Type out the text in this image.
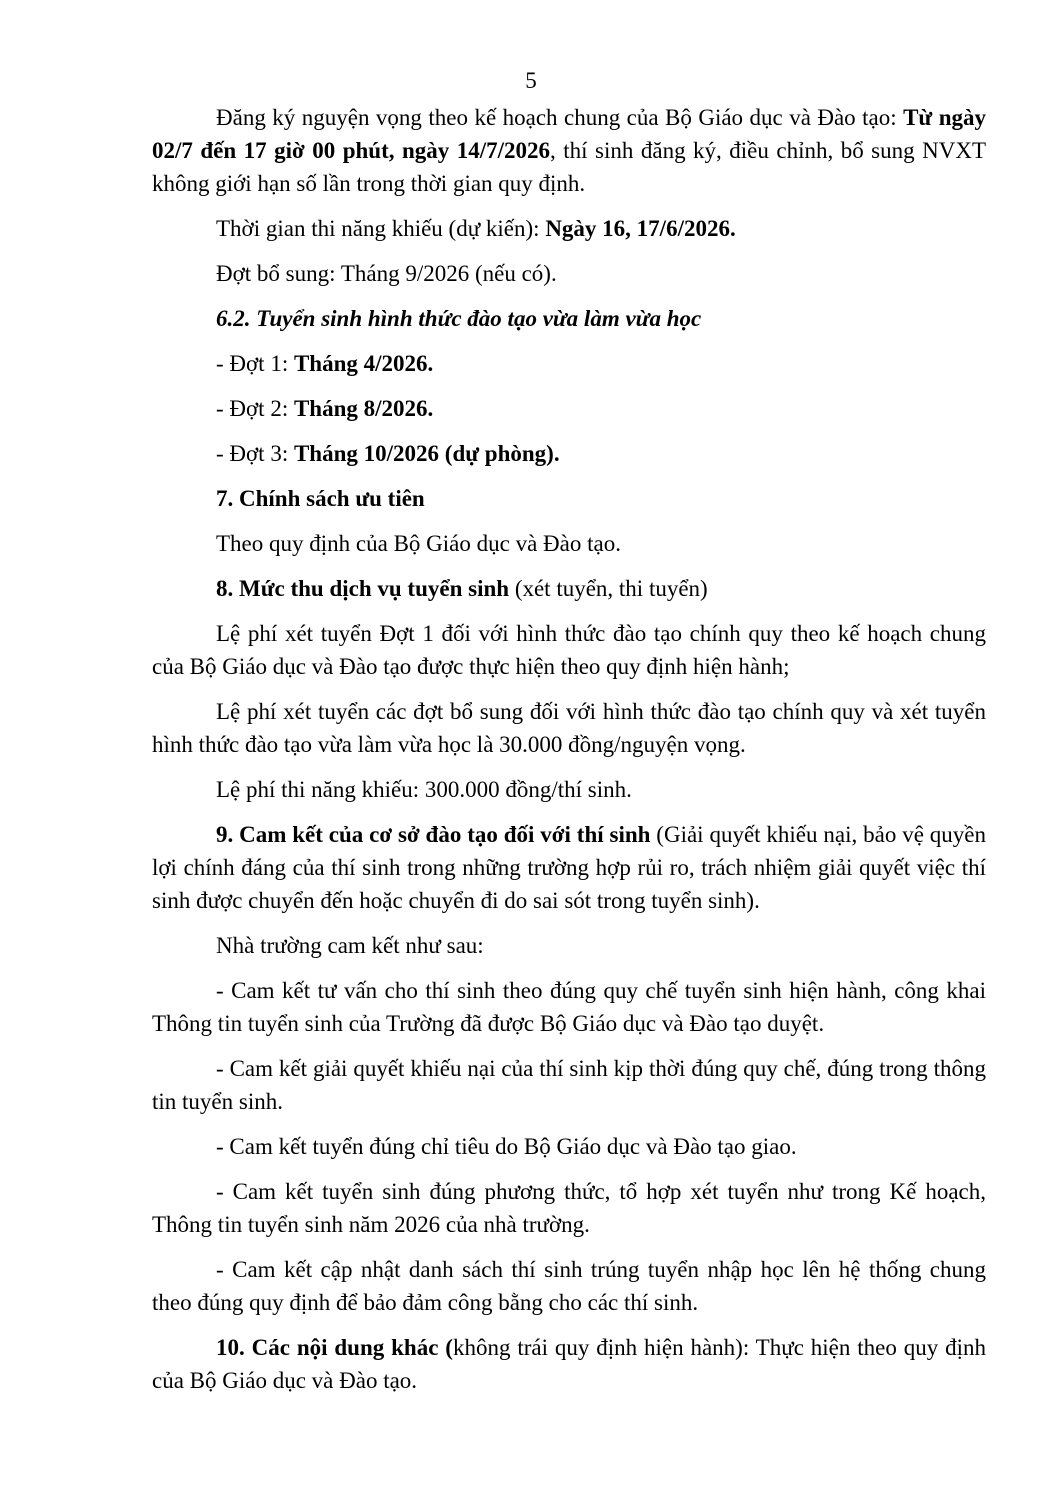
5

Đăng ký nguyện vọng theo kế hoạch chung của Bộ Giáo dục và Đào tạo: Từ ngày 02/7 đến 17 giờ 00 phút, ngày 14/7/2026, thí sinh đăng ký, điều chỉnh, bổ sung NVXT không giới hạn số lần trong thời gian quy định.

Thời gian thi năng khiếu (dự kiến): Ngày 16, 17/6/2026.

Đợt bổ sung: Tháng 9/2026 (nếu có).

6.2. Tuyển sinh hình thức đào tạo vừa làm vừa học

- Đợt 1: Tháng 4/2026.

- Đợt 2: Tháng 8/2026.

- Đợt 3: Tháng 10/2026 (dự phòng).

7. Chính sách ưu tiên

Theo quy định của Bộ Giáo dục và Đào tạo.

8. Mức thu dịch vụ tuyển sinh (xét tuyển, thi tuyển)

Lệ phí xét tuyển Đợt 1 đối với hình thức đào tạo chính quy theo kế hoạch chung của Bộ Giáo dục và Đào tạo được thực hiện theo quy định hiện hành;

Lệ phí xét tuyển các đợt bổ sung đối với hình thức đào tạo chính quy và xét tuyển hình thức đào tạo vừa làm vừa học là 30.000 đồng/nguyện vọng.

Lệ phí thi năng khiếu: 300.000 đồng/thí sinh.

9. Cam kết của cơ sở đào tạo đối với thí sinh (Giải quyết khiếu nại, bảo vệ quyền lợi chính đáng của thí sinh trong những trường hợp rủi ro, trách nhiệm giải quyết việc thí sinh được chuyển đến hoặc chuyển đi do sai sót trong tuyển sinh).

Nhà trường cam kết như sau:

- Cam kết tư vấn cho thí sinh theo đúng quy chế tuyển sinh hiện hành, công khai Thông tin tuyển sinh của Trường đã được Bộ Giáo dục và Đào tạo duyệt.

- Cam kết giải quyết khiếu nại của thí sinh kịp thời đúng quy chế, đúng trong thông tin tuyển sinh.

- Cam kết tuyển đúng chỉ tiêu do Bộ Giáo dục và Đào tạo giao.

- Cam kết tuyển sinh đúng phương thức, tổ hợp xét tuyển như trong Kế hoạch, Thông tin tuyển sinh năm 2026 của nhà trường.

- Cam kết cập nhật danh sách thí sinh trúng tuyển nhập học lên hệ thống chung theo đúng quy định để bảo đảm công bằng cho các thí sinh.

10. Các nội dung khác (không trái quy định hiện hành): Thực hiện theo quy định của Bộ Giáo dục và Đào tạo.
